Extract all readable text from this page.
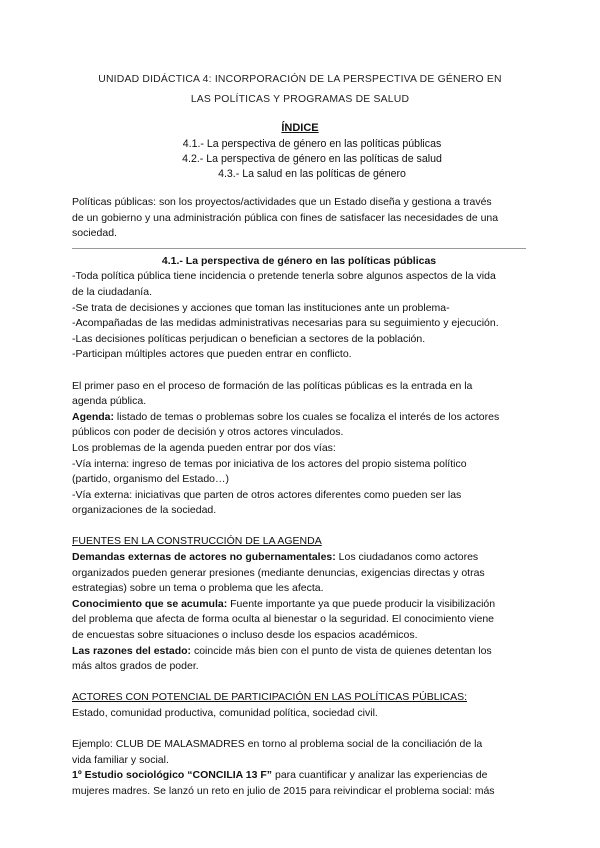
UNIDAD DIDÁCTICA 4: INCORPORACIÓN DE LA PERSPECTIVA DE GÉNERO EN
LAS POLÍTICAS Y PROGRAMAS DE SALUD
ÍNDICE
4.1.- La perspectiva de género en las políticas públicas
4.2.- La perspectiva de género en las políticas de salud
4.3.- La salud en las políticas de género
Políticas públicas: son los proyectos/actividades que un Estado diseña y gestiona a través
de un gobierno y una administración pública con fines de satisfacer las necesidades de una
sociedad.
4.1.- La perspectiva de género en las políticas públicas
-Toda política pública tiene incidencia o pretende tenerla sobre algunos aspectos de la vida
de la ciudadanía.
-Se trata de decisiones y acciones que toman las instituciones ante un problema-
-Acompañadas de las medidas administrativas necesarias para su seguimiento y ejecución.
-Las decisiones políticas perjudican o benefician a sectores de la población.
-Participan múltiples actores que pueden entrar en conflicto.
El primer paso en el proceso de formación de las políticas públicas es la entrada en la
agenda pública.
Agenda: listado de temas o problemas sobre los cuales se focaliza el interés de los actores
públicos con poder de decisión y otros actores vinculados.
Los problemas de la agenda pueden entrar por dos vías:
-Vía interna: ingreso de temas por iniciativa de los actores del propio sistema político
(partido, organismo del Estado…)
-Vía externa: iniciativas que parten de otros actores diferentes como pueden ser las
organizaciones de la sociedad.
FUENTES EN LA CONSTRUCCIÓN DE LA AGENDA
Demandas externas de actores no gubernamentales: Los ciudadanos como actores
organizados pueden generar presiones (mediante denuncias, exigencias directas y otras
estrategias) sobre un tema o problema que les afecta.
Conocimiento que se acumula: Fuente importante ya que puede producir la visibilización
del problema que afecta de forma oculta al bienestar o la seguridad. El conocimiento viene
de encuestas sobre situaciones o incluso desde los espacios académicos.
Las razones del estado: coincide más bien con el punto de vista de quienes detentan los
más altos grados de poder.
ACTORES CON POTENCIAL DE PARTICIPACIÓN EN LAS POLÍTICAS PÚBLICAS:
Estado, comunidad productiva, comunidad política, sociedad civil.
Ejemplo: CLUB DE MALASMADRES en torno al problema social de la conciliación de la
vida familiar y social.
1º Estudio sociológico “CONCILIA 13 F” para cuantificar y analizar las experiencias de
mujeres madres. Se lanzó un reto en julio de 2015 para reivindicar el problema social: más
